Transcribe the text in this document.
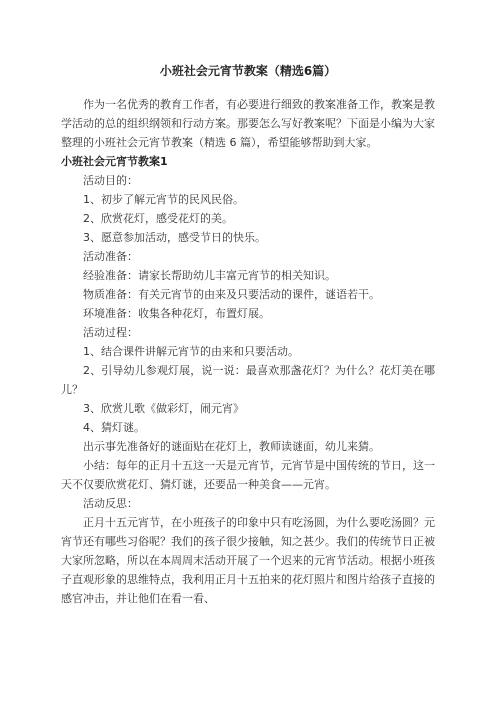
小班社会元宵节教案（精选6篇）

作为一名优秀的教育工作者，有必要进行细致的教案准备工作，教案是教学活动的总的组织纲领和行动方案。那要怎么写好教案呢？下面是小编为大家整理的小班社会元宵节教案（精选 6 篇），希望能够帮助到大家。

小班社会元宵节教案1

活动目的：

1、初步了解元宵节的民风民俗。

2、欣赏花灯，感受花灯的美。

3、愿意参加活动，感受节日的快乐。

活动准备：

经验准备：请家长帮助幼儿丰富元宵节的相关知识。

物质准备：有关元宵节的由来及只要活动的课件，谜语若干。

环境准备：收集各种花灯，布置灯展。

活动过程：

1、结合课件讲解元宵节的由来和只要活动。

2、引导幼儿参观灯展，说一说：最喜欢那盏花灯？为什么？花灯美在哪儿？

3、欣赏儿歌《做彩灯，闹元宵》

4、猜灯谜。

出示事先准备好的谜面贴在花灯上，教师读谜面，幼儿来猜。

小结：每年的正月十五这一天是元宵节，元宵节是中国传统的节日，这一天不仅要欣赏花灯、猜灯谜，还要品一种美食——元宵。

活动反思：

正月十五元宵节，在小班孩子的印象中只有吃汤圆，为什么要吃汤圆？元宵节还有哪些习俗呢？我们的孩子很少接触，知之甚少。我们的传统节日正被大家所忽略，所以在本周周末活动开展了一个迟来的元宵节活动。根据小班孩子直观形象的思维特点，我利用正月十五拍来的花灯照片和图片给孩子直接的感官冲击，并让他们在看一看、
